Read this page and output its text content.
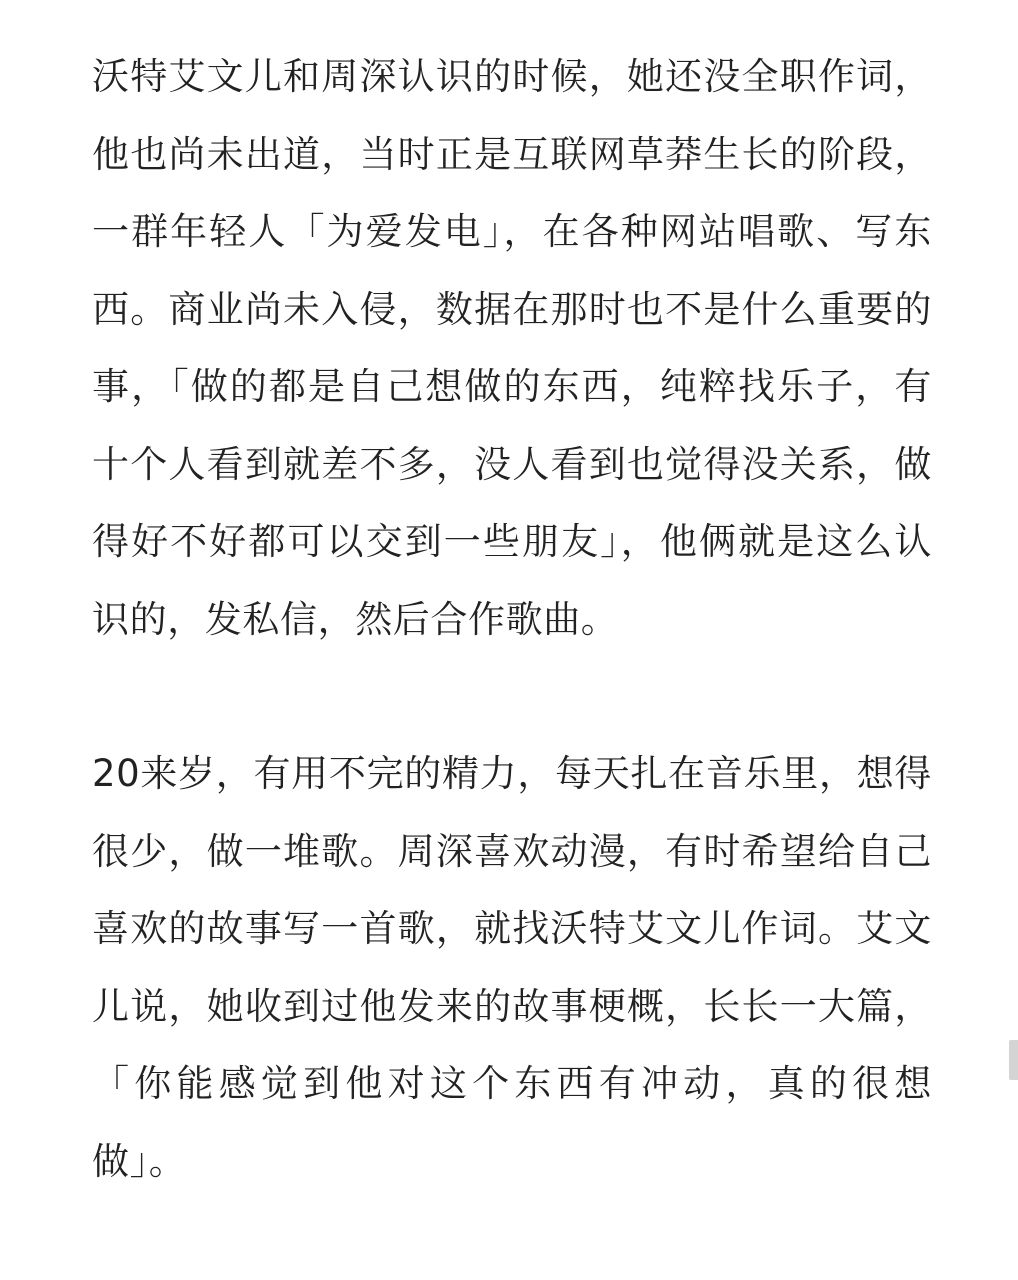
沃特艾文儿和周深认识的时候，她还没全职作词，他也尚未出道，当时正是互联网草莽生长的阶段，一群年轻人「为爱发电」，在各种网站唱歌、写东西。商业尚未入侵，数据在那时也不是什么重要的事，「做的都是自己想做的东西，纯粹找乐子，有十个人看到就差不多，没人看到也觉得没关系，做得好不好都可以交到一些朋友」，他俩就是这么认识的，发私信，然后合作歌曲。

20来岁，有用不完的精力，每天扎在音乐里，想得很少，做一堆歌。周深喜欢动漫，有时希望给自己喜欢的故事写一首歌，就找沃特艾文儿作词。艾文儿说，她收到过他发来的故事梗概，长长一大篇，「你能感觉到他对这个东西有冲动，真的很想做」。
